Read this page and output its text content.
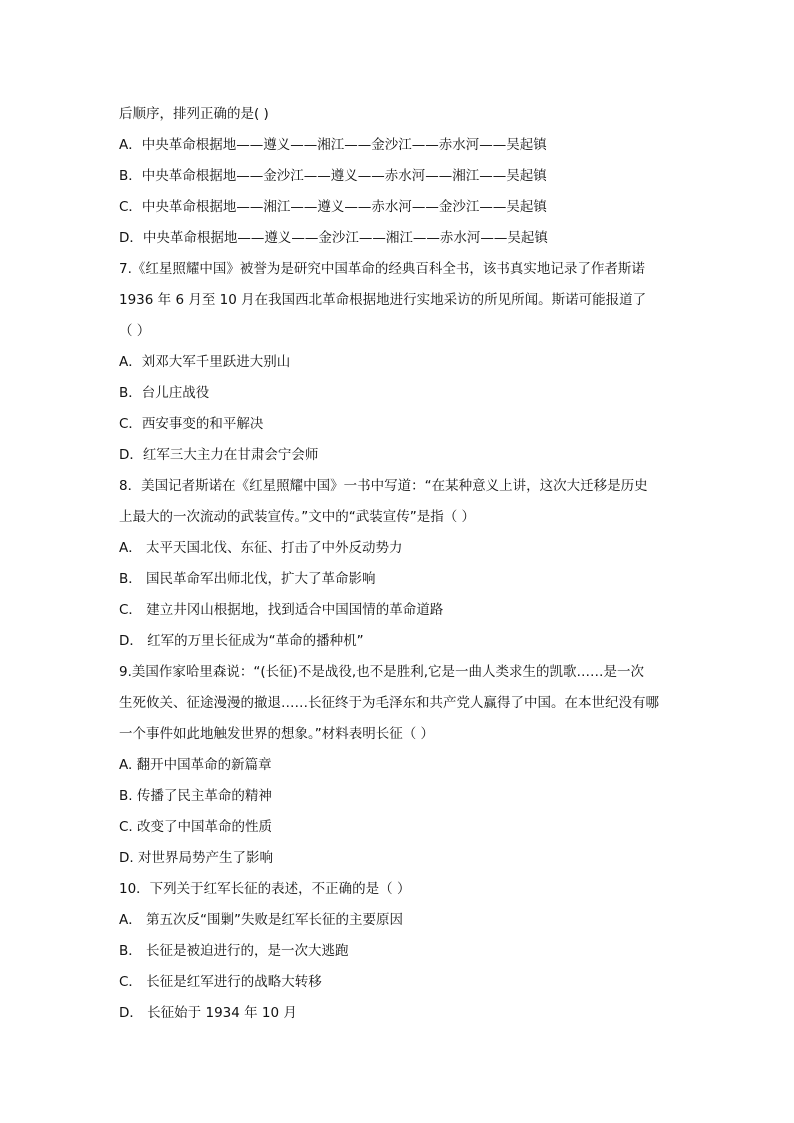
后顺序，排列正确的是( )
A．中央革命根据地——遵义——湘江——金沙江——赤水河——吴起镇
B．中央革命根据地——金沙江——遵义——赤水河——湘江——吴起镇
C．中央革命根据地——湘江——遵义——赤水河——金沙江——吴起镇
D．中央革命根据地——遵义——金沙江——湘江——赤水河——吴起镇
7.《红星照耀中国》被誉为是研究中国革命的经典百科全书，该书真实地记录了作者斯诺
1936 年 6 月至 10 月在我国西北革命根据地进行实地采访的所见所闻。斯诺可能报道了
（ ）
A．刘邓大军千里跃进大别山
B．台儿庄战役
C．西安事变的和平解决
D．红军三大主力在甘肃会宁会师
8．美国记者斯诺在《红星照耀中国》一书中写道：“在某种意义上讲，这次大迁移是历史
上最大的一次流动的武装宣传。”文中的“武装宣传”是指（ ）
A． 太平天国北伐、东征、打击了中外反动势力
B． 国民革命军出师北伐，扩大了革命影响
C． 建立井冈山根据地，找到适合中国国情的革命道路
D． 红军的万里长征成为“革命的播种机”
9.美国作家哈里森说：“(长征)不是战役,也不是胜利,它是一曲人类求生的凯歌……是一次
生死攸关、征途漫漫的撤退……长征终于为毛泽东和共产党人赢得了中国。在本世纪没有哪
一个事件如此地触发世界的想象。”材料表明长征（ ）
A. 翻开中国革命的新篇章
B. 传播了民主革命的精神
C. 改变了中国革命的性质
D. 对世界局势产生了影响
10．下列关于红军长征的表述，不正确的是（ ）
A． 第五次反“围剿”失败是红军长征的主要原因
B． 长征是被迫进行的，是一次大逃跑
C． 长征是红军进行的战略大转移
D． 长征始于 1934 年 10 月
